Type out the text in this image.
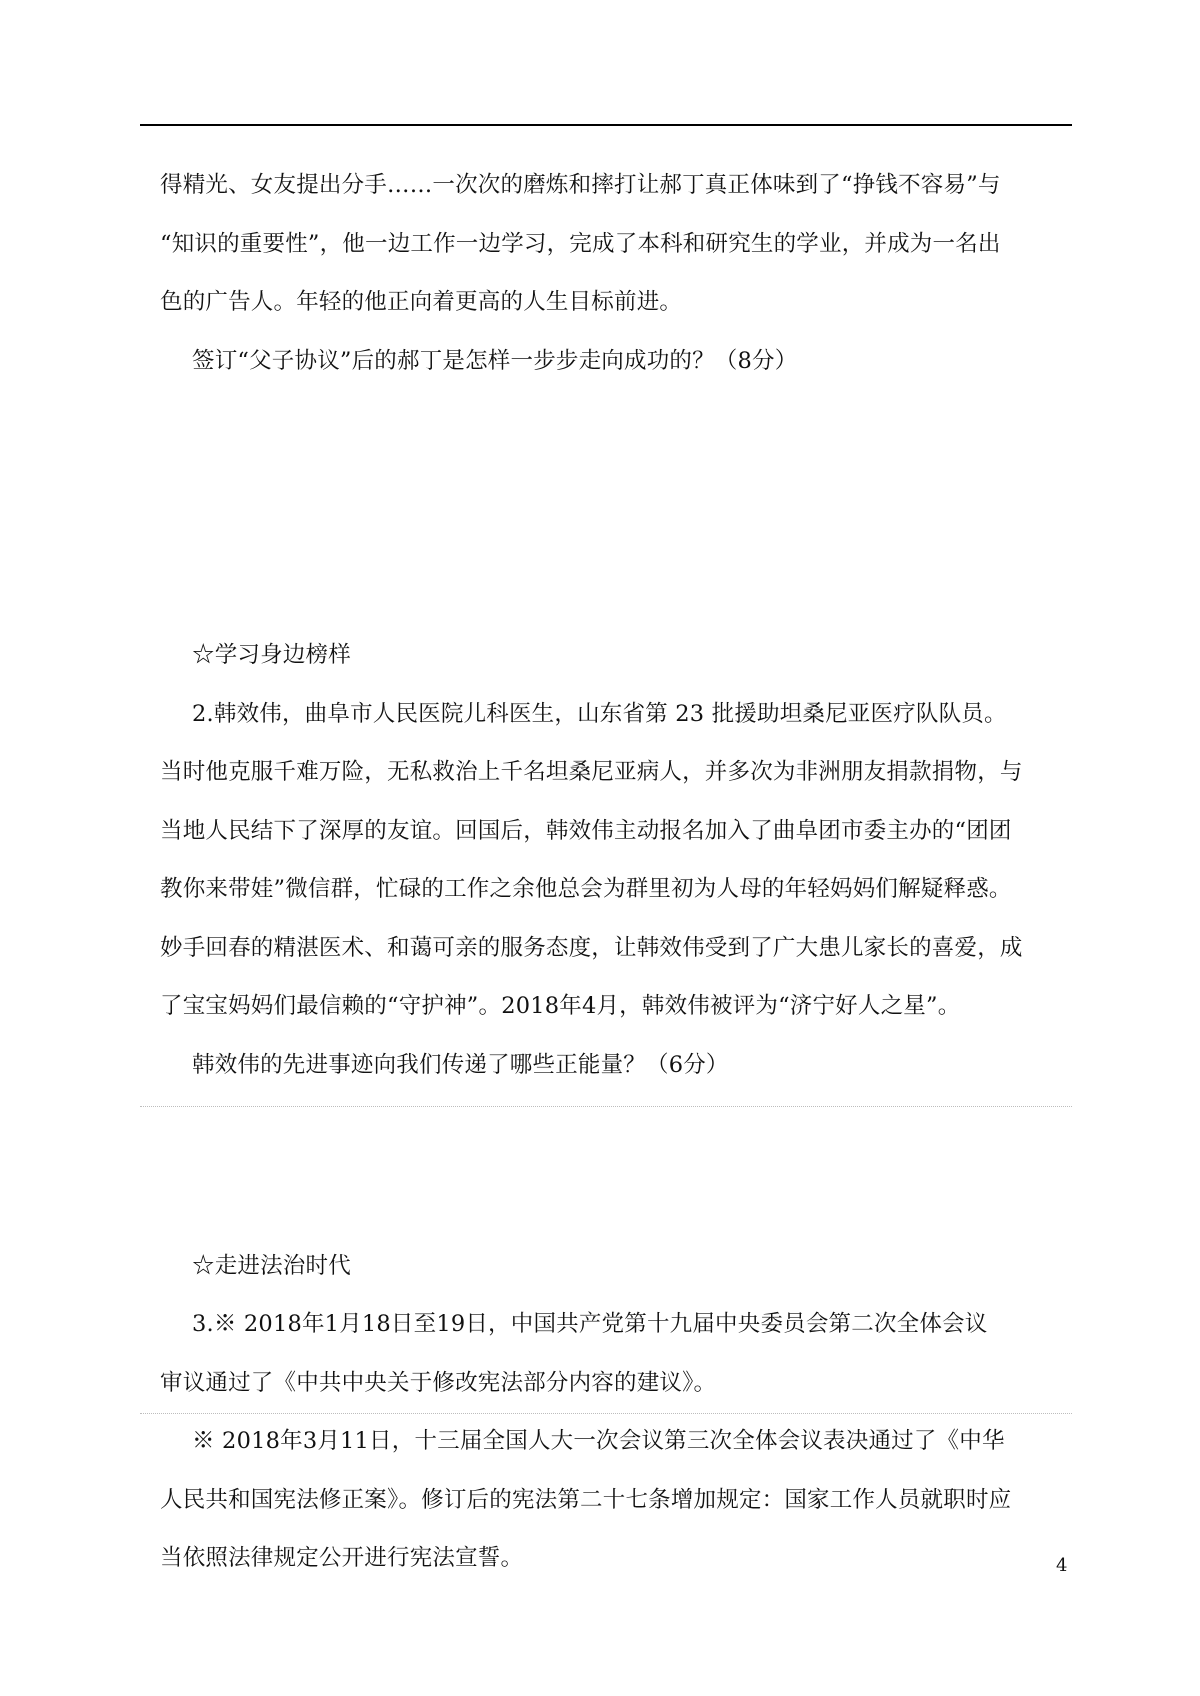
得精光、女友提出分手……一次次的磨炼和摔打让郝丁真正体味到了“挣钱不容易”与
“知识的重要性”，他一边工作一边学习，完成了本科和研究生的学业，并成为一名出
色的广告人。年轻的他正向着更高的人生目标前进。
签订“父子协议”后的郝丁是怎样一步步走向成功的？（8分）
☆学习身边榜样
2.韩效伟，曲阜市人民医院儿科医生，山东省第 23 批援助坦桑尼亚医疗队队员。
当时他克服千难万险，无私救治上千名坦桑尼亚病人，并多次为非洲朋友捐款捐物，与
当地人民结下了深厚的友谊。回国后，韩效伟主动报名加入了曲阜团市委主办的“团团
教你来带娃”微信群，忙碌的工作之余他总会为群里初为人母的年轻妈妈们解疑释惑。
妙手回春的精湛医术、和蔼可亲的服务态度，让韩效伟受到了广大患儿家长的喜爱，成
了宝宝妈妈们最信赖的“守护神”。2018年4月，韩效伟被评为“济宁好人之星”。
韩效伟的先进事迹向我们传递了哪些正能量？（6分）
☆走进法治时代
3.※ 2018年1月18日至19日，中国共产党第十九届中央委员会第二次全体会议
审议通过了《中共中央关于修改宪法部分内容的建议》。
※ 2018年3月11日，十三届全国人大一次会议第三次全体会议表决通过了《中华
人民共和国宪法修正案》。修订后的宪法第二十七条增加规定：国家工作人员就职时应
当依照法律规定公开进行宪法宣誓。	4
